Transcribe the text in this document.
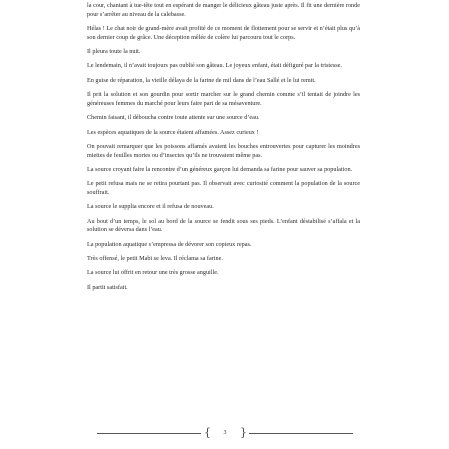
la cour, chantant à tue-tête tout en espérant de manger le délicieux gâteau juste après. Il fit une dernière ronde pour s’arrêter au niveau de la calebasse.

Hélas ! Le chat noir de grand-mère avait profité de ce moment de flottement pour se servir et n’était plus qu’à son dernier coup de grâce. Une déception mêlée de colère lui parcouru tout le corps.

Il pleura toute la nuit.

Le lendemain, il n’avait toujours pas oublié son gâteau. Le joyeux enfant, était défiguré par la tristesse.

En guise de réparation, la vieille délaya de la farine de mil dans de l’eau Sallé et le lui remit.

Il prit la solution et son gourdin pour sortir marcher sur le grand chemin comme s’il tentait de joindre les généreuses femmes du marché pour leurs faire part de sa mésaventure.

Chemin faisant, il déboucha contre toute attente sur une source d’eau.

Les espèces aquatiques de la source étaient affamées. Assez curieux !

On pouvait remarquer que les poissons affamés avaient les bouches entrouvertes pour capturer les moindres miettes de feuilles mortes ou d’insectes qu’ils ne trouvaient même pas.

La source croyant faire la rencontre d’un généreux garçon lui demanda sa farine pour sauver sa population.

Le petit refusa mais ne se retira pourtant pas. Il observait avec curiosité comment la population de la source souffrait.

La source le supplia encore et il refusa de nouveau.

Au bout d’un temps, le sol au bord de la source se fendit sous ses pieds. L’enfant déstabilisé s’affala et la solution se déversa dans l’eau.

La population aquatique s’empressa de dévorer son copieux repas.

Très offensé, le petit Mabi se leva. Il réclama sa farine.

La source lui offrit en retour une très grosse anguille.

Il partit satisfait.

{	3	}
